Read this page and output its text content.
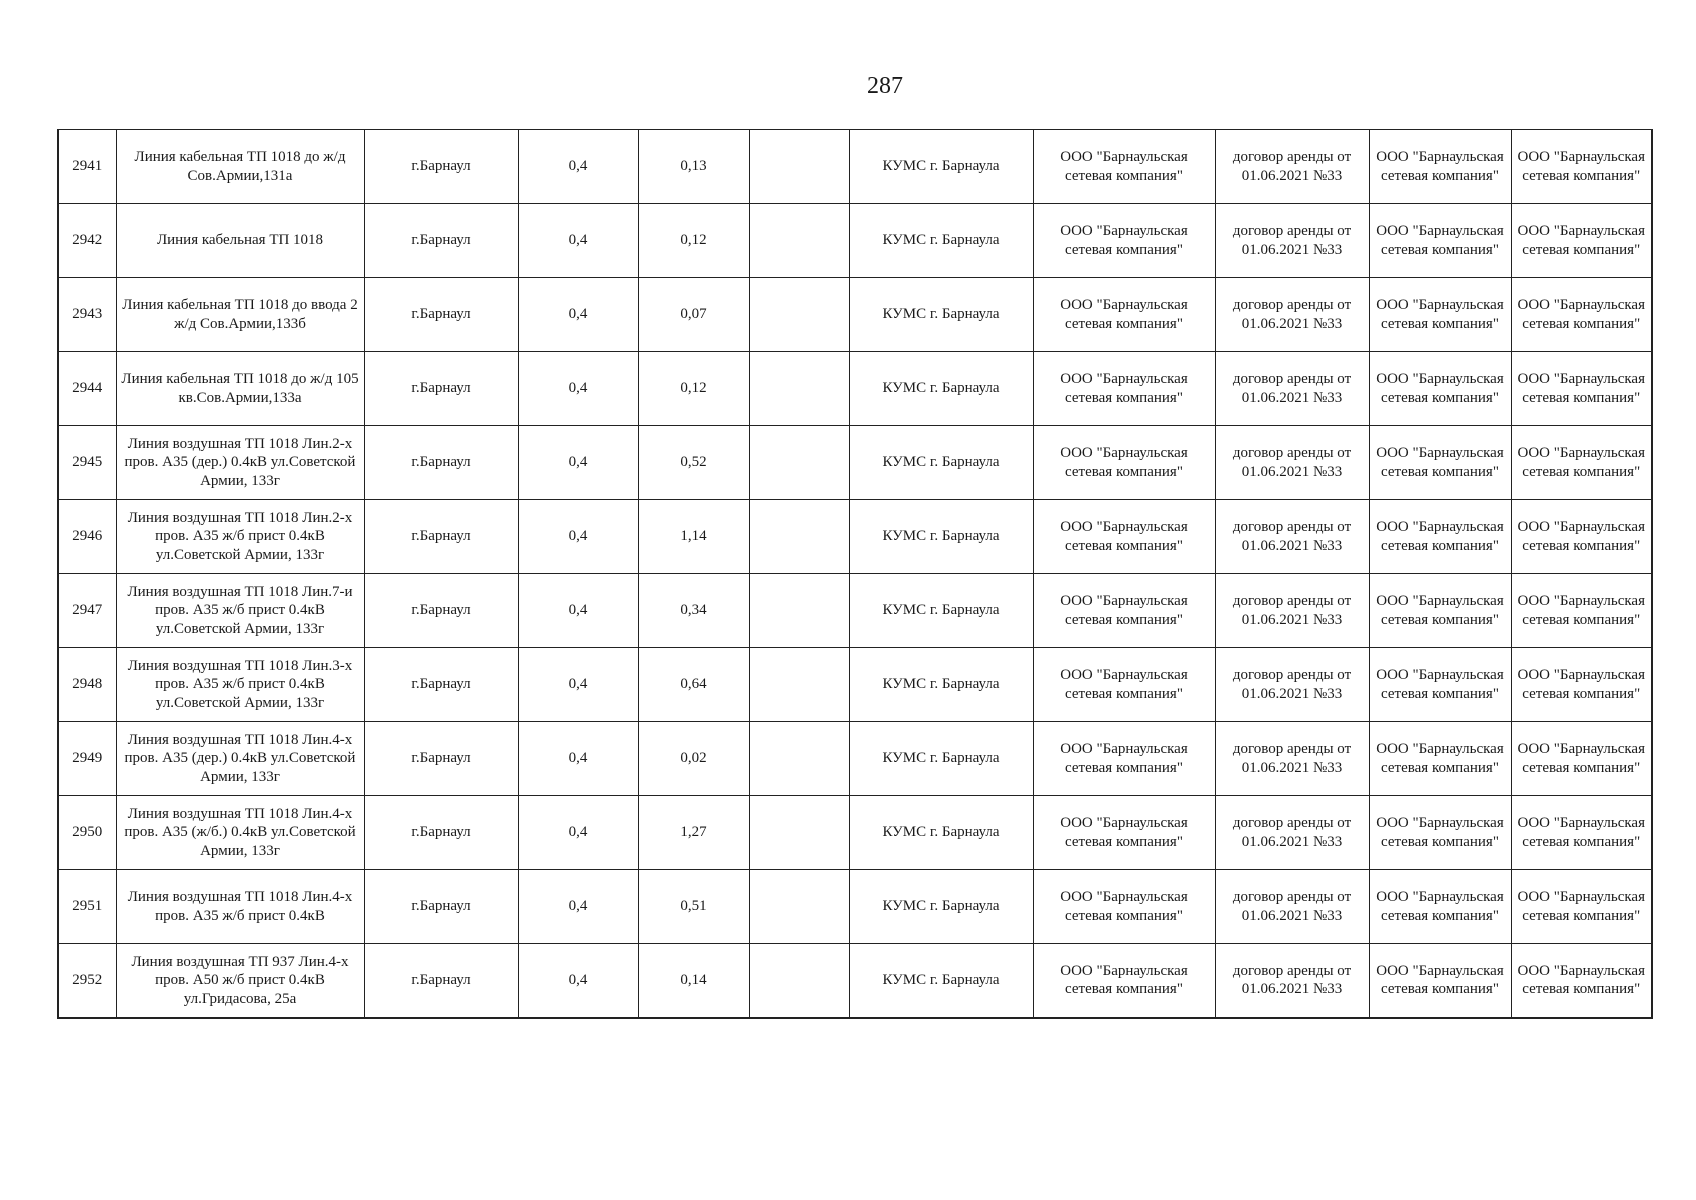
287
2941	Линия кабельная ТП 1018 до ж/д Сов.Армии,131а	г.Барнаул	0,4	0,13		КУМС г. Барнаула	ООО "Барнаульская сетевая компания"	договор аренды от 01.06.2021 №33	ООО "Барнаульская сетевая компания"	ООО "Барнаульская сетевая компания"
2942	Линия кабельная ТП 1018	г.Барнаул	0,4	0,12		КУМС г. Барнаула	ООО "Барнаульская сетевая компания"	договор аренды от 01.06.2021 №33	ООО "Барнаульская сетевая компания"	ООО "Барнаульская сетевая компания"
2943	Линия кабельная ТП 1018 до ввода 2 ж/д Сов.Армии,133б	г.Барнаул	0,4	0,07		КУМС г. Барнаула	ООО "Барнаульская сетевая компания"	договор аренды от 01.06.2021 №33	ООО "Барнаульская сетевая компания"	ООО "Барнаульская сетевая компания"
2944	Линия кабельная ТП 1018 до ж/д 105 кв.Сов.Армии,133а	г.Барнаул	0,4	0,12		КУМС г. Барнаула	ООО "Барнаульская сетевая компания"	договор аренды от 01.06.2021 №33	ООО "Барнаульская сетевая компания"	ООО "Барнаульская сетевая компания"
2945	Линия воздушная ТП 1018 Лин.2-х пров. А35 (дер.) 0.4кВ ул.Советской Армии, 133г	г.Барнаул	0,4	0,52		КУМС г. Барнаула	ООО "Барнаульская сетевая компания"	договор аренды от 01.06.2021 №33	ООО "Барнаульская сетевая компания"	ООО "Барнаульская сетевая компания"
2946	Линия воздушная ТП 1018 Лин.2-х пров. А35 ж/б прист 0.4кВ ул.Советской Армии, 133г	г.Барнаул	0,4	1,14		КУМС г. Барнаула	ООО "Барнаульская сетевая компания"	договор аренды от 01.06.2021 №33	ООО "Барнаульская сетевая компания"	ООО "Барнаульская сетевая компания"
2947	Линия воздушная ТП 1018 Лин.7-и пров. А35 ж/б прист 0.4кВ ул.Советской Армии, 133г	г.Барнаул	0,4	0,34		КУМС г. Барнаула	ООО "Барнаульская сетевая компания"	договор аренды от 01.06.2021 №33	ООО "Барнаульская сетевая компания"	ООО "Барнаульская сетевая компания"
2948	Линия воздушная ТП 1018 Лин.3-х пров. А35 ж/б прист 0.4кВ ул.Советской Армии, 133г	г.Барнаул	0,4	0,64		КУМС г. Барнаула	ООО "Барнаульская сетевая компания"	договор аренды от 01.06.2021 №33	ООО "Барнаульская сетевая компания"	ООО "Барнаульская сетевая компания"
2949	Линия воздушная ТП 1018 Лин.4-х пров. А35 (дер.) 0.4кВ ул.Советской Армии, 133г	г.Барнаул	0,4	0,02		КУМС г. Барнаула	ООО "Барнаульская сетевая компания"	договор аренды от 01.06.2021 №33	ООО "Барнаульская сетевая компания"	ООО "Барнаульская сетевая компания"
2950	Линия воздушная ТП 1018 Лин.4-х пров. А35 (ж/б.) 0.4кВ ул.Советской Армии, 133г	г.Барнаул	0,4	1,27		КУМС г. Барнаула	ООО "Барнаульская сетевая компания"	договор аренды от 01.06.2021 №33	ООО "Барнаульская сетевая компания"	ООО "Барнаульская сетевая компания"
2951	Линия воздушная ТП 1018 Лин.4-х пров. А35 ж/б прист 0.4кВ	г.Барнаул	0,4	0,51		КУМС г. Барнаула	ООО "Барнаульская сетевая компания"	договор аренды от 01.06.2021 №33	ООО "Барнаульская сетевая компания"	ООО "Барнаульская сетевая компания"
2952	Линия воздушная ТП 937 Лин.4-х пров. А50 ж/б прист 0.4кВ ул.Гридасова, 25а	г.Барнаул	0,4	0,14		КУМС г. Барнаула	ООО "Барнаульская сетевая компания"	договор аренды от 01.06.2021 №33	ООО "Барнаульская сетевая компания"	ООО "Барнаульская сетевая компания"
